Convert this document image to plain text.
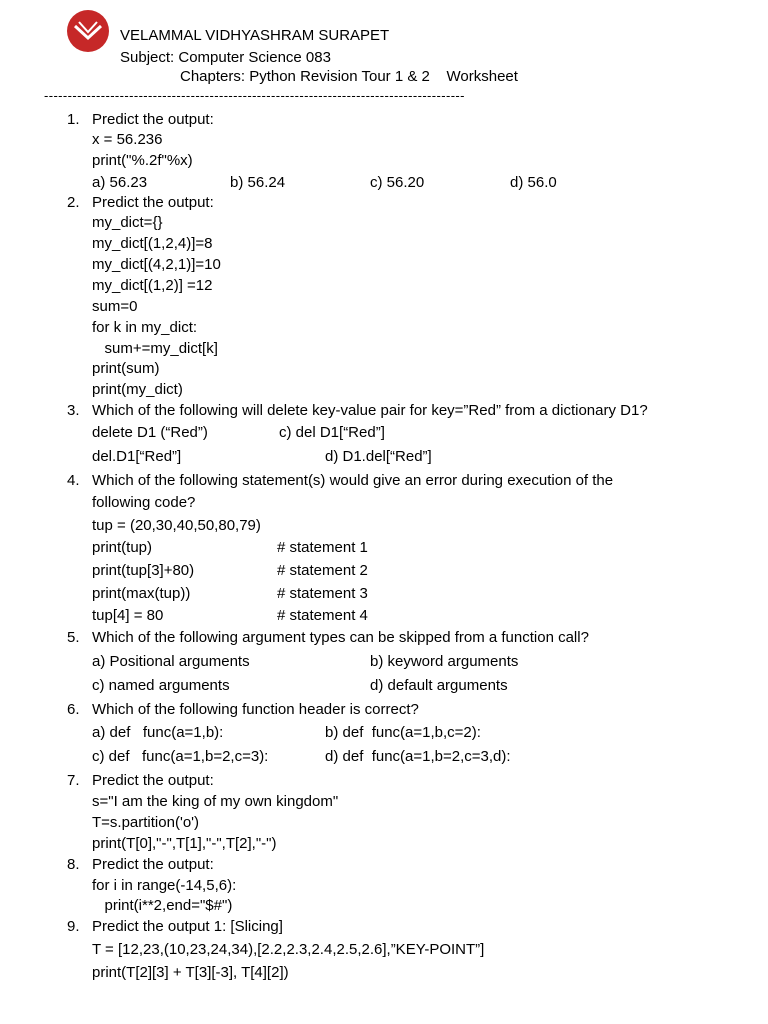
VELAMMAL VIDHYASHRAM SURAPET
Subject: Computer Science 083
Chapters: Python Revision Tour 1 & 2    Worksheet
-----------------------------------------------------------------------------------------
1. Predict the output:
x = 56.236
print("%.2f"%x)
a) 56.23	b) 56.24	c) 56.20	d) 56.0
2. Predict the output:
my_dict={}
my_dict[(1,2,4)]=8
my_dict[(4,2,1)]=10
my_dict[(1,2)] =12
sum=0
for k in my_dict:
sum+=my_dict[k]
print(sum)
print(my_dict)
3. Which of the following will delete key-value pair for key=”Red” from a dictionary D1?
delete D1 (“Red”)	c) del D1[“Red”]
del.D1[“Red”]	d) D1.del[“Red”]
4. Which of the following statement(s) would give an error during execution of the
following code?
tup = (20,30,40,50,80,79)
print(tup)	# statement 1
print(tup[3]+80)	# statement 2
print(max(tup))	# statement 3
tup[4] = 80	# statement 4
5. Which of the following argument types can be skipped from a function call?
a) Positional arguments	b) keyword arguments
c) named arguments	d) default arguments
6. Which of the following function header is correct?
a) def   func(a=1,b):	b) def  func(a=1,b,c=2):
c) def   func(a=1,b=2,c=3):	d) def  func(a=1,b=2,c=3,d):
7. Predict the output:
s="I am the king of my own kingdom"
T=s.partition('o')
print(T[0],"-",T[1],"-",T[2],"-")
8. Predict the output:
for i in range(-14,5,6):
print(i**2,end="$#")
9. Predict the output 1: [Slicing]
T = [12,23,(10,23,24,34),[2.2,2.3,2.4,2.5,2.6],”KEY-POINT”]
print(T[2][3] + T[3][-3], T[4][2])
